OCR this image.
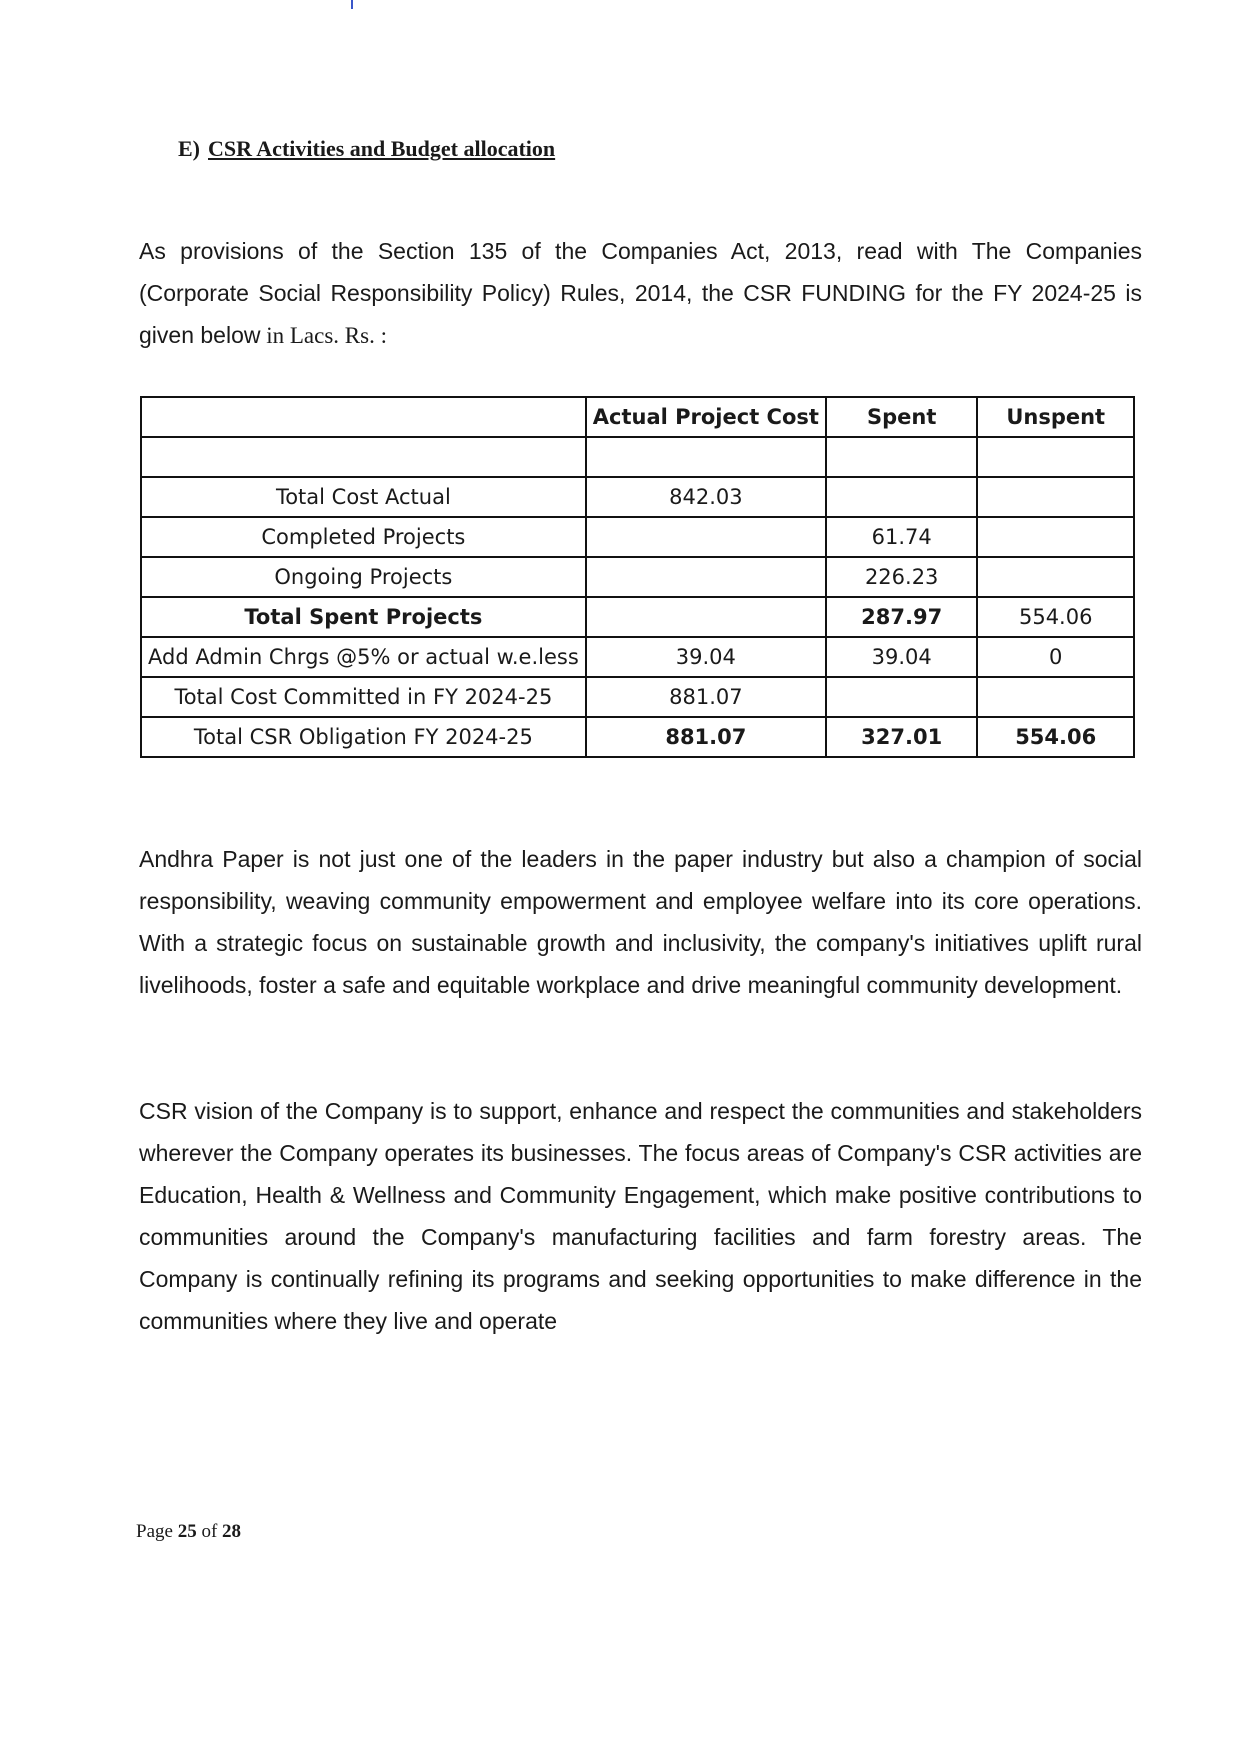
E) CSR Activities and Budget allocation

As provisions of the Section 135 of the Companies Act, 2013, read with The Companies (Corporate Social Responsibility Policy) Rules, 2014, the CSR FUNDING for the FY 2024-25 is given below in Lacs. Rs. :

	Actual Project Cost	Spent	Unspent

Total Cost Actual	842.03		
Completed Projects		61.74	
Ongoing Projects		226.23	
Total Spent Projects		287.97	554.06
Add Admin Chrgs @5% or actual w.e.less	39.04	39.04	0
Total Cost Committed in FY 2024-25	881.07		
Total CSR Obligation FY 2024-25	881.07	327.01	554.06

Andhra Paper is not just one of the leaders in the paper industry but also a champion of social responsibility, weaving community empowerment and employee welfare into its core operations. With a strategic focus on sustainable growth and inclusivity, the company's initiatives uplift rural livelihoods, foster a safe and equitable workplace and drive meaningful community development.

CSR vision of the Company is to support, enhance and respect the communities and stakeholders wherever the Company operates its businesses. The focus areas of Company's CSR activities are Education, Health & Wellness and Community Engagement, which make positive contributions to communities around the Company's manufacturing facilities and farm forestry areas. The Company is continually refining its programs and seeking opportunities to make difference in the communities where they live and operate

Page 25 of 28
